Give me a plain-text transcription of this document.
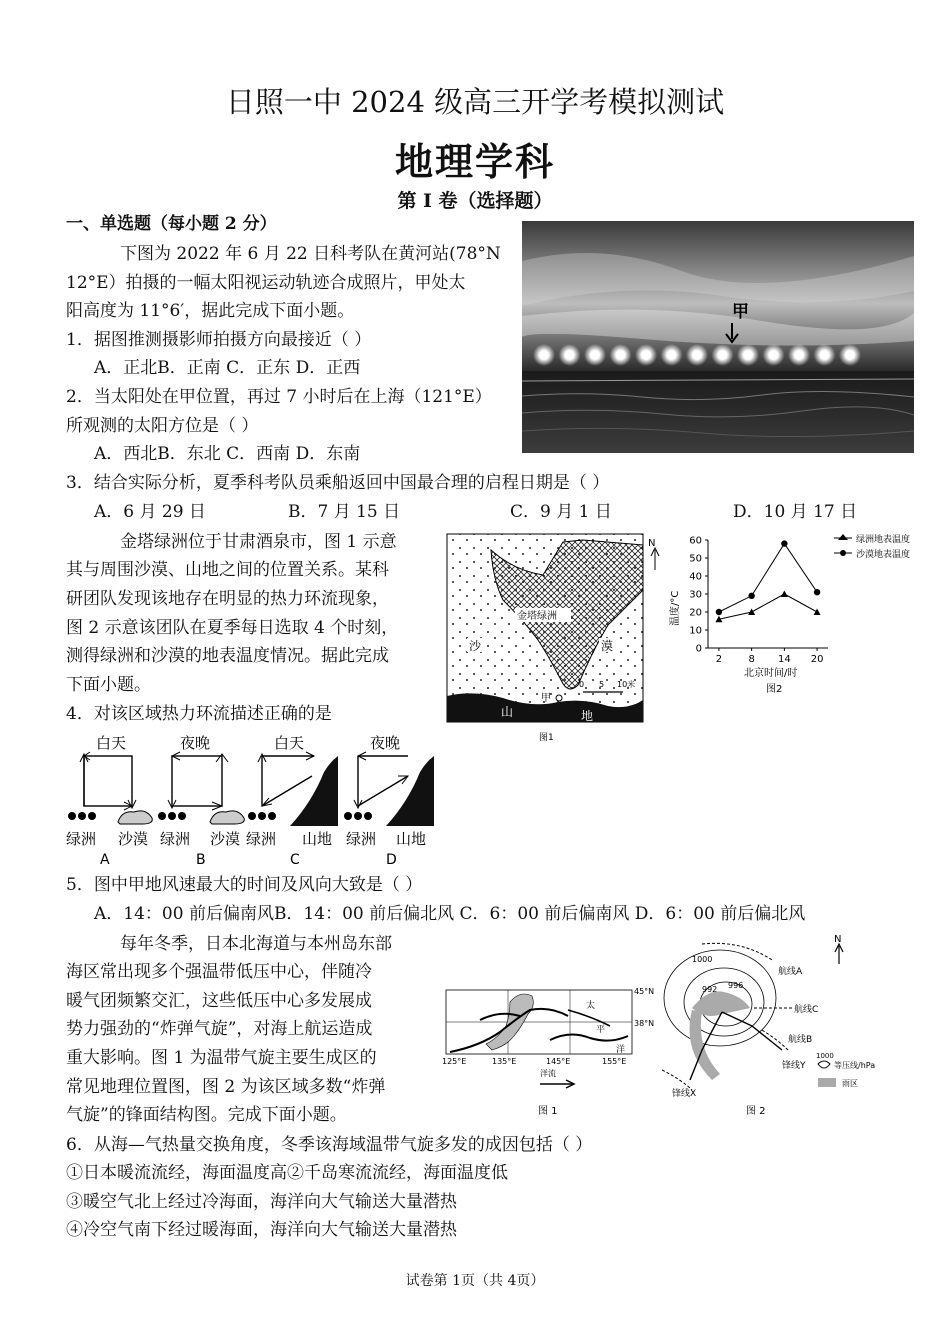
日照一中 2024 级高三开学考模拟测试
地理学科
第 I 卷（选择题）
一、单选题（每小题 2 分）
下图为 2022 年 6 月 22 日科考队在黄河站(78°N
12°E）拍摄的一幅太阳视运动轨迹合成照片，甲处太
阳高度为 11°6′，据此完成下面小题。	甲
1．据图推测摄影师拍摄方向最接近（ ）
A．正北B．正南 C．正东 D．正西
2．当太阳处在甲位置，再过 7 小时后在上海（121°E）
所观测的太阳方位是（ ）
A．西北B．东北 C．西南 D．东南
3．结合实际分析，夏季科考队员乘船返回中国最合理的启程日期是（ ）
A．6 月 29 日	B．7 月 15 日	C．9 月 1 日	D．10 月 17 日
金塔绿洲位于甘肃酒泉市，图 1 示意
其与周围沙漠、山地之间的位置关系。某科
研团队发现该地存在明显的热力环流现象，
图 2 示意该团队在夏季每日选取 4 个时刻，
测得绿洲和沙漠的地表温度情况。据此完成
下面小题。
金塔绿洲
沙	漠
山	地
甲
N
0 5 10米
图1
0
10
20
30
40
50
60
2	8 14 20
温度/°C
北京时间/时
图2
绿洲地表温度
沙漠地表温度
4．对该区域热力环流描述正确的是
白天
绿洲 沙漠
A
夜晚
绿洲 沙漠
B
白天
绿洲 山地
C
夜晚
绿洲 山地
D
5．图中甲地风速最大的时间及风向大致是（ ）
A．14：00 前后偏南风B．14：00 前后偏北风 C．6：00 前后偏南风 D．6：00 前后偏北风
每年冬季，日本北海道与本州岛东部
海区常出现多个强温带低压中心，伴随冷
暖气团频繁交汇，这些低压中心多发展成
势力强劲的“炸弹气旋”，对海上航运造成
重大影响。图 1 为温带气旋主要生成区的
常见地理位置图，图 2 为该区域多数“炸弹
气旋”的锋面结构图。完成下面小题。
45°N
38°N
125°E	135°E	145°E	155°E
太
平
洋
洋流
图 1
1000
992 996
航线A
航线C
航线B
锋线Y
锋线X
N
1000
等压线/hPa
雨区
图 2
6．从海—气热量交换角度，冬季该海域温带气旋多发的成因包括（ ）
①日本暖流流经，海面温度高②千岛寒流流经，海面温度低
③暖空气北上经过冷海面，海洋向大气输送大量潜热
④冷空气南下经过暖海面，海洋向大气输送大量潜热
试卷第 1页（共 4页）
